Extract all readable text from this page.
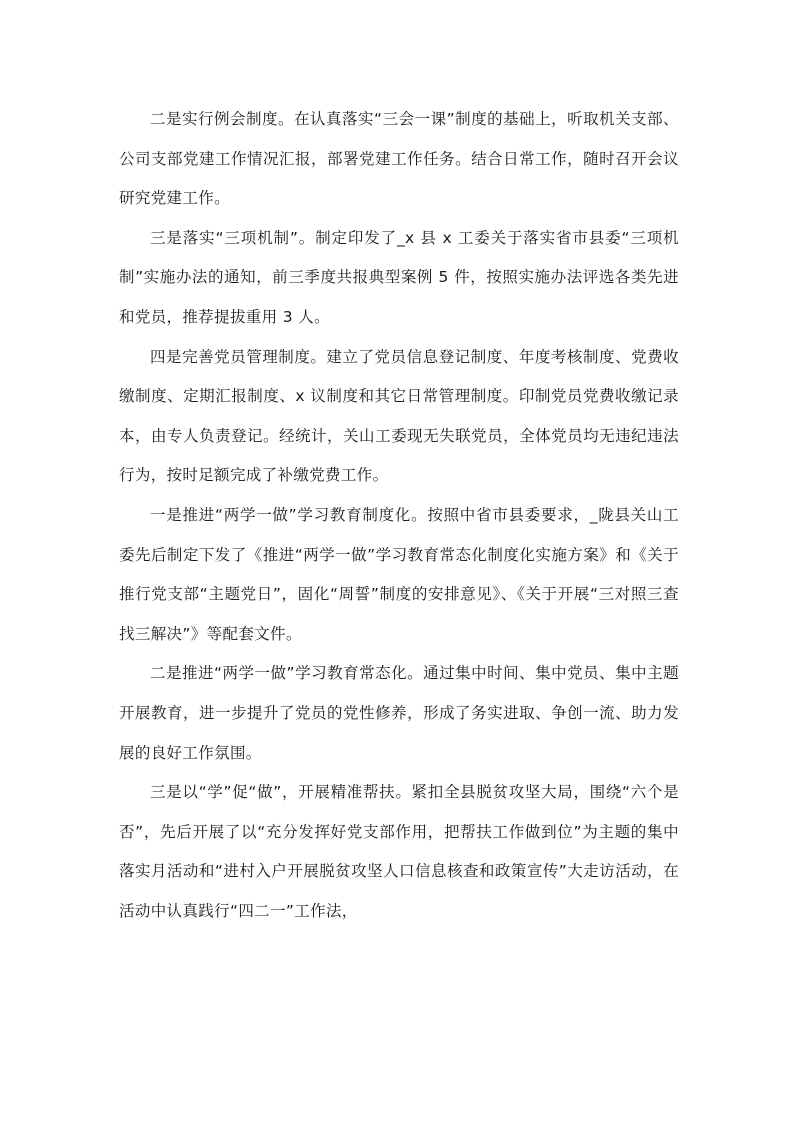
二是实行例会制度。在认真落实“三会一课”制度的基础上，听取机关支部、公司支部党建工作情况汇报，部署党建工作任务。结合日常工作，随时召开会议研究党建工作。

三是落实“三项机制”。制定印发了_x 县 x 工委关于落实省市县委“三项机制”实施办法的通知，前三季度共报典型案例 5 件，按照实施办法评选各类先进和党员，推荐提拔重用 3 人。

四是完善党员管理制度。建立了党员信息登记制度、年度考核制度、党费收缴制度、定期汇报制度、x 议制度和其它日常管理制度。印制党员党费收缴记录本，由专人负责登记。经统计，关山工委现无失联党员，全体党员均无违纪违法行为，按时足额完成了补缴党费工作。

一是推进“两学一做”学习教育制度化。按照中省市县委要求，_陇县关山工委先后制定下发了《推进“两学一做”学习教育常态化制度化实施方案》和《关于推行党支部“主题党日”，固化“周誓”制度的安排意见》、《关于开展“三对照三查找三解决”》等配套文件。

二是推进“两学一做”学习教育常态化。通过集中时间、集中党员、集中主题开展教育，进一步提升了党员的党性修养，形成了务实进取、争创一流、助力发展的良好工作氛围。

三是以“学”促“做”，开展精准帮扶。紧扣全县脱贫攻坚大局，围绕“六个是否”，先后开展了以“充分发挥好党支部作用，把帮扶工作做到位”为主题的集中落实月活动和“进村入户开展脱贫攻坚人口信息核查和政策宣传”大走访活动，在活动中认真践行“四二一”工作法，
